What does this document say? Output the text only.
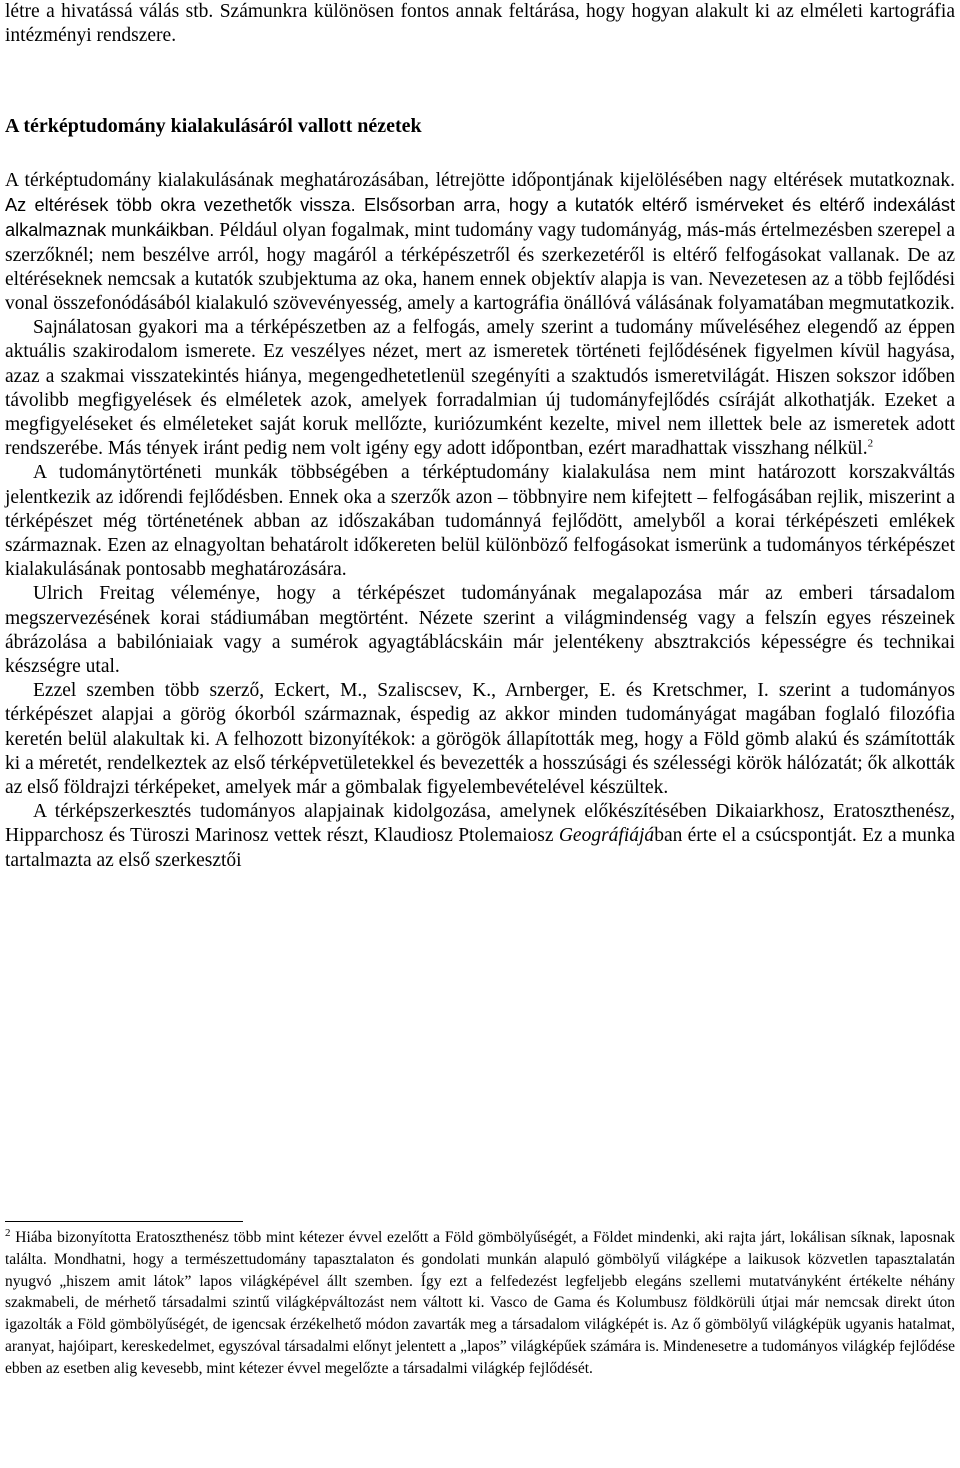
létre a hivatássá válás stb. Számunkra különösen fontos annak feltárása, hogy hogyan alakult ki az elméleti kartográfia intézményi rendszere.

A térképtudomány kialakulásáról vallott nézetek

A térképtudomány kialakulásának meghatározásában, létrejötte időpontjának kijelölésében nagy eltérések mutatkoznak. Az eltérések több okra vezethetők vissza. Elsősorban arra, hogy a kutatók eltérő ismérveket és eltérő indexálást alkalmaznak munkáikban. Például olyan fogalmak, mint tudomány vagy tudományág, más-más értelmezésben szerepel a szerzőknél; nem beszélve arról, hogy magáról a térképészetről és szerkezetéről is eltérő felfogásokat vallanak. De az eltéréseknek nemcsak a kutatók szubjektuma az oka, hanem ennek objektív alapja is van. Nevezetesen az a több fejlődési vonal összefonódásából kialakuló szövevényesség, amely a kartográfia önállóvá válásának folyamatában megmutatkozik.

Sajnálatosan gyakori ma a térképészetben az a felfogás, amely szerint a tudomány műveléséhez elegendő az éppen aktuális szakirodalom ismerete. Ez veszélyes nézet, mert az ismeretek történeti fejlődésének figyelmen kívül hagyása, azaz a szakmai visszatekintés hiánya, megengedhetetlenül szegényíti a szaktudós ismeretvilágát. Hiszen sokszor időben távolibb megfigyelések és elméletek azok, amelyek forradalmian új tudományfejlődés csíráját alkothatják. Ezeket a megfigyeléseket és elméleteket saját koruk mellőzte, kuriózumként kezelte, mivel nem illettek bele az ismeretek adott rendszerébe. Más tények iránt pedig nem volt igény egy adott időpontban, ezért maradhattak visszhang nélkül.$^2$

A tudománytörténeti munkák többségében a térképtudomány kialakulása nem mint határozott korszakváltás jelentkezik az időrendi fejlődésben. Ennek oka a szerzők azon – többnyire nem kifejtett – felfogásában rejlik, miszerint a térképészet még történetének abban az időszakában tudománnyá fejlődött, amelyből a korai térképészeti emlékek származnak. Ezen az elnagyoltan behatárolt időkereten belül különböző felfogásokat ismerünk a tudományos térképészet kialakulásának pontosabb meghatározására.

Ulrich Freitag véleménye, hogy a térképészet tudományának megalapozása már az emberi társadalom megszervezésének korai stádiumában megtörtént. Nézete szerint a világmindenség vagy a felszín egyes részeinek ábrázolása a babilóniaiak vagy a sumérok agyagtáblácskáin már jelentékeny absztrakciós képességre és technikai készségre utal.

Ezzel szemben több szerző, Eckert, M., Szaliscsev, K., Arnberger, E. és Kretschmer, I. szerint a tudományos térképészet alapjai a görög ókorból származnak, éspedig az akkor minden tudományágat magában foglaló filozófia keretén belül alakultak ki. A felhozott bizonyítékok: a görögök állapították meg, hogy a Föld gömb alakú és számították ki a méretét, rendelkeztek az első térképvetületekkel és bevezették a hosszúsági és szélességi körök hálózatát; ők alkották az első földrajzi térképeket, amelyek már a gömbalak figyelembevételével készültek.

A térképszerkesztés tudományos alapjainak kidolgozása, amelynek előkészítésében Dikaiarkhosz, Eratoszthenész, Hipparchosz és Türoszi Marinosz vettek részt, Klaudiosz Ptolemaiosz Geográfiájában érte el a csúcspontját. Ez a munka tartalmazta az első szerkesztői

$^2$ Hiába bizonyította Eratoszthenész több mint kétezer évvel ezelőtt a Föld gömbölyűségét, a Földet mindenki, aki rajta járt, lokálisan síknak, laposnak találta. Mondhatni, hogy a természettudomány tapasztalaton és gondolati munkán alapuló gömbölyű világképe a laikusok közvetlen tapasztalatán nyugvó „hiszem amit látok” lapos világképével állt szemben. Így ezt a felfedezést legfeljebb elegáns szellemi mutatványként értékelte néhány szakmabeli, de mérhető társadalmi szintű világképváltozást nem váltott ki. Vasco de Gama és Kolumbusz földkörüli útjai már nemcsak direkt úton igazolták a Föld gömbölyűségét, de igencsak érzékelhető módon zavarták meg a társadalom világképét is. Az ő gömbölyű világképük ugyanis hatalmat, aranyat, hajóipart, kereskedelmet, egyszóval társadalmi előnyt jelentett a „lapos” világképűek számára is. Mindenesetre a tudományos világkép fejlődése ebben az esetben alig kevesebb, mint kétezer évvel megelőzte a társadalmi világkép fejlődését.
